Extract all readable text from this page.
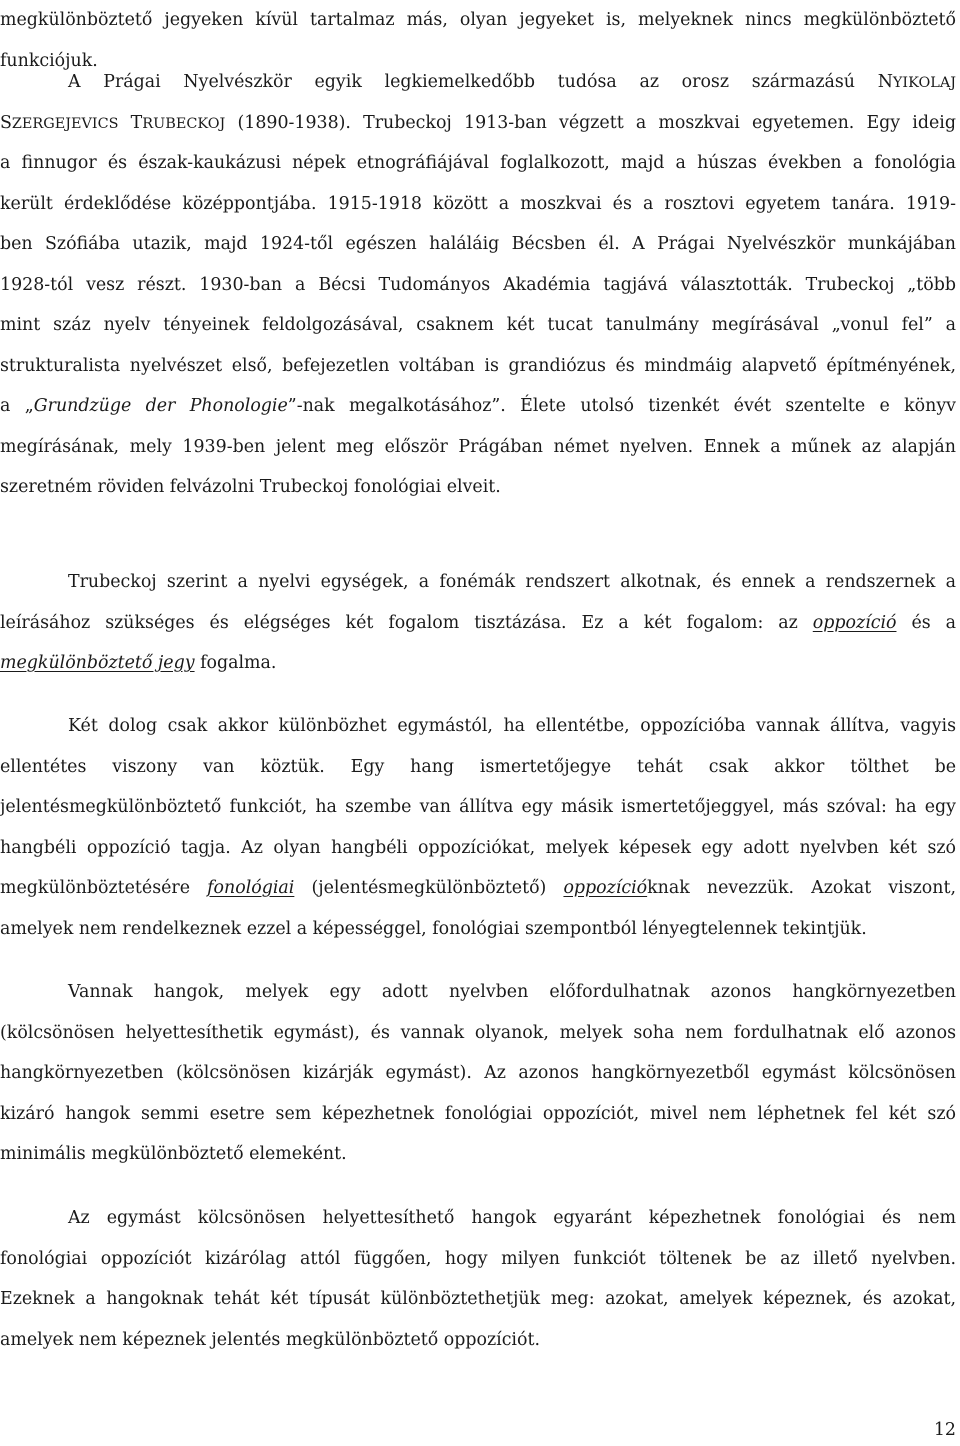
megkülönböztető jegyeken kívül tartalmaz más, olyan jegyeket is, melyeknek nincs megkülönböztető
funkciójuk.
A Prágai Nyelvészkör egyik legkiemelkedőbb tudósa az orosz származású NYIKOLAJ
SZERGEJEVICS TRUBECKOJ (1890-1938). Trubeckoj 1913-ban végzett a moszkvai egyetemen. Egy ideig
a finnugor és észak-kaukázusi népek etnográfiájával foglalkozott, majd a húszas években a fonológia
került érdeklődése középpontjába. 1915-1918 között a moszkvai és a rosztovi egyetem tanára. 1919-
ben Szófiába utazik, majd 1924-től egészen haláláig Bécsben él. A Prágai Nyelvészkör munkájában
1928-tól vesz részt. 1930-ban a Bécsi Tudományos Akadémia tagjává választották. Trubeckoj „több
mint száz nyelv tényeinek feldolgozásával, csaknem két tucat tanulmány megírásával „vonul fel” a
strukturalista nyelvészet első, befejezetlen voltában is grandiózus és mindmáig alapvető építményének,
a „Grundzüge der Phonologie”-nak megalkotásához”. Élete utolsó tizenkét évét szentelte e könyv
megírásának, mely 1939-ben jelent meg először Prágában német nyelven. Ennek a műnek az alapján
szeretném röviden felvázolni Trubeckoj fonológiai elveit.
Trubeckoj szerint a nyelvi egységek, a fonémák rendszert alkotnak, és ennek a rendszernek a
leírásához szükséges és elégséges két fogalom tisztázása. Ez a két fogalom: az oppozíció és a
megkülönböztető jegy fogalma.
Két dolog csak akkor különbözhet egymástól, ha ellentétbe, oppozícióba vannak állítva, vagyis
ellentétes viszony van köztük. Egy hang ismertetőjegye tehát csak akkor tölthet be
jelentésmegkülönböztető funkciót, ha szembe van állítva egy másik ismertetőjeggyel, más szóval: ha egy
hangbéli oppozíció tagja. Az olyan hangbéli oppozíciókat, melyek képesek egy adott nyelvben két szó
megkülönböztetésére fonológiai (jelentésmegkülönböztető) oppozícióknak nevezzük. Azokat viszont,
amelyek nem rendelkeznek ezzel a képességgel, fonológiai szempontból lényegtelennek tekintjük.
Vannak hangok, melyek egy adott nyelvben előfordulhatnak azonos hangkörnyezetben
(kölcsönösen helyettesíthetik egymást), és vannak olyanok, melyek soha nem fordulhatnak elő azonos
hangkörnyezetben (kölcsönösen kizárják egymást). Az azonos hangkörnyezetből egymást kölcsönösen
kizáró hangok semmi esetre sem képezhetnek fonológiai oppozíciót, mivel nem léphetnek fel két szó
minimális megkülönböztető elemeként.
Az egymást kölcsönösen helyettesíthető hangok egyaránt képezhetnek fonológiai és nem
fonológiai oppozíciót kizárólag attól függően, hogy milyen funkciót töltenek be az illető nyelvben.
Ezeknek a hangoknak tehát két típusát különböztethetjük meg: azokat, amelyek képeznek, és azokat,
amelyek nem képeznek jelentés megkülönböztető oppozíciót.
12
